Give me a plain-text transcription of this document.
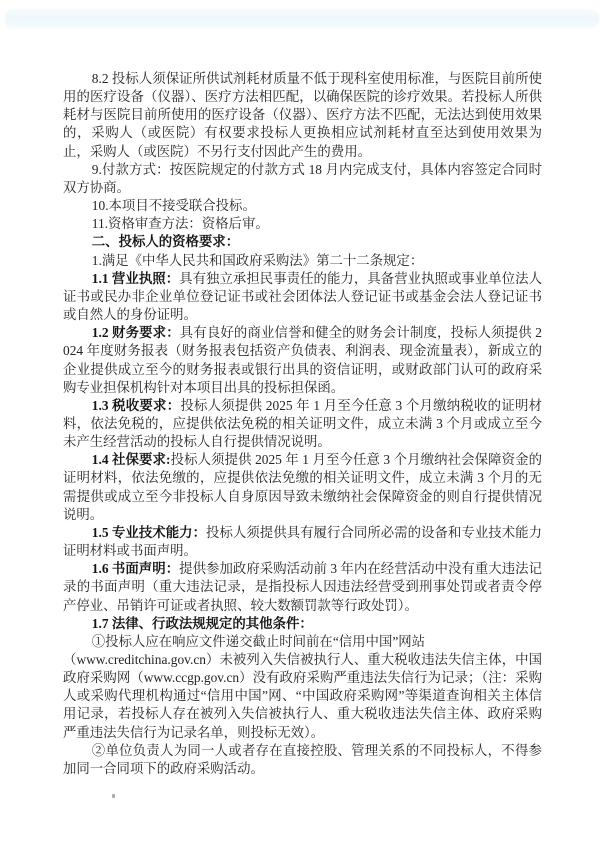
8.2 投标人须保证所供试剂耗材质量不低于现科室使用标准，与医院目前所使用的医疗设备（仪器）、医疗方法相匹配，以确保医院的诊疗效果。若投标人所供耗材与医院目前所使用的医疗设备（仪器）、医疗方法不匹配，无法达到使用效果的，采购人（或医院）有权要求投标人更换相应试剂耗材直至达到使用效果为止，采购人（或医院）不另行支付因此产生的费用。

9.付款方式：按医院规定的付款方式 18 月内完成支付，具体内容签定合同时双方协商。

10.本项目不接受联合投标。

11.资格审查方法：资格后审。

二、投标人的资格要求：

1.满足《中华人民共和国政府采购法》第二十二条规定：

1.1 营业执照：具有独立承担民事责任的能力，具备营业执照或事业单位法人证书或民办非企业单位登记证书或社会团体法人登记证书或基金会法人登记证书或自然人的身份证明。

1.2 财务要求：具有良好的商业信誉和健全的财务会计制度，投标人须提供 2024 年度财务报表（财务报表包括资产负债表、利润表、现金流量表），新成立的企业提供成立至今的财务报表或银行出具的资信证明，或财政部门认可的政府采购专业担保机构针对本项目出具的投标担保函。

1.3 税收要求：投标人须提供 2025 年 1 月至今任意 3 个月缴纳税收的证明材料，依法免税的，应提供依法免税的相关证明文件，成立未满 3 个月或成立至今未产生经营活动的投标人自行提供情况说明。

1.4 社保要求:投标人须提供 2025 年 1 月至今任意 3 个月缴纳社会保障资金的证明材料，依法免缴的，应提供依法免缴的相关证明文件，成立未满 3 个月的无需提供或成立至今非投标人自身原因导致未缴纳社会保障资金的则自行提供情况说明。

1.5 专业技术能力：投标人须提供具有履行合同所必需的设备和专业技术能力证明材料或书面声明。

1.6 书面声明：提供参加政府采购活动前 3 年内在经营活动中没有重大违法记录的书面声明（重大违法记录，是指投标人因违法经营受到刑事处罚或者责令停产停业、吊销许可证或者执照、较大数额罚款等行政处罚）。

1.7 法律、行政法规规定的其他条件：

①投标人应在响应文件递交截止时间前在“信用中国”网站

（www.creditchina.gov.cn）未被列入失信被执行人、重大税收违法失信主体，中国政府采购网（www.ccgp.gov.cn）没有政府采购严重违法失信行为记录；（注：采购人或采购代理机构通过“信用中国”网、“中国政府采购网”等渠道查询相关主体信用记录，若投标人存在被列入失信被执行人、重大税收违法失信主体、政府采购严重违法失信行为记录名单，则投标无效）。

②单位负责人为同一人或者存在直接控股、管理关系的不同投标人，不得参加同一合同项下的政府采购活动。
